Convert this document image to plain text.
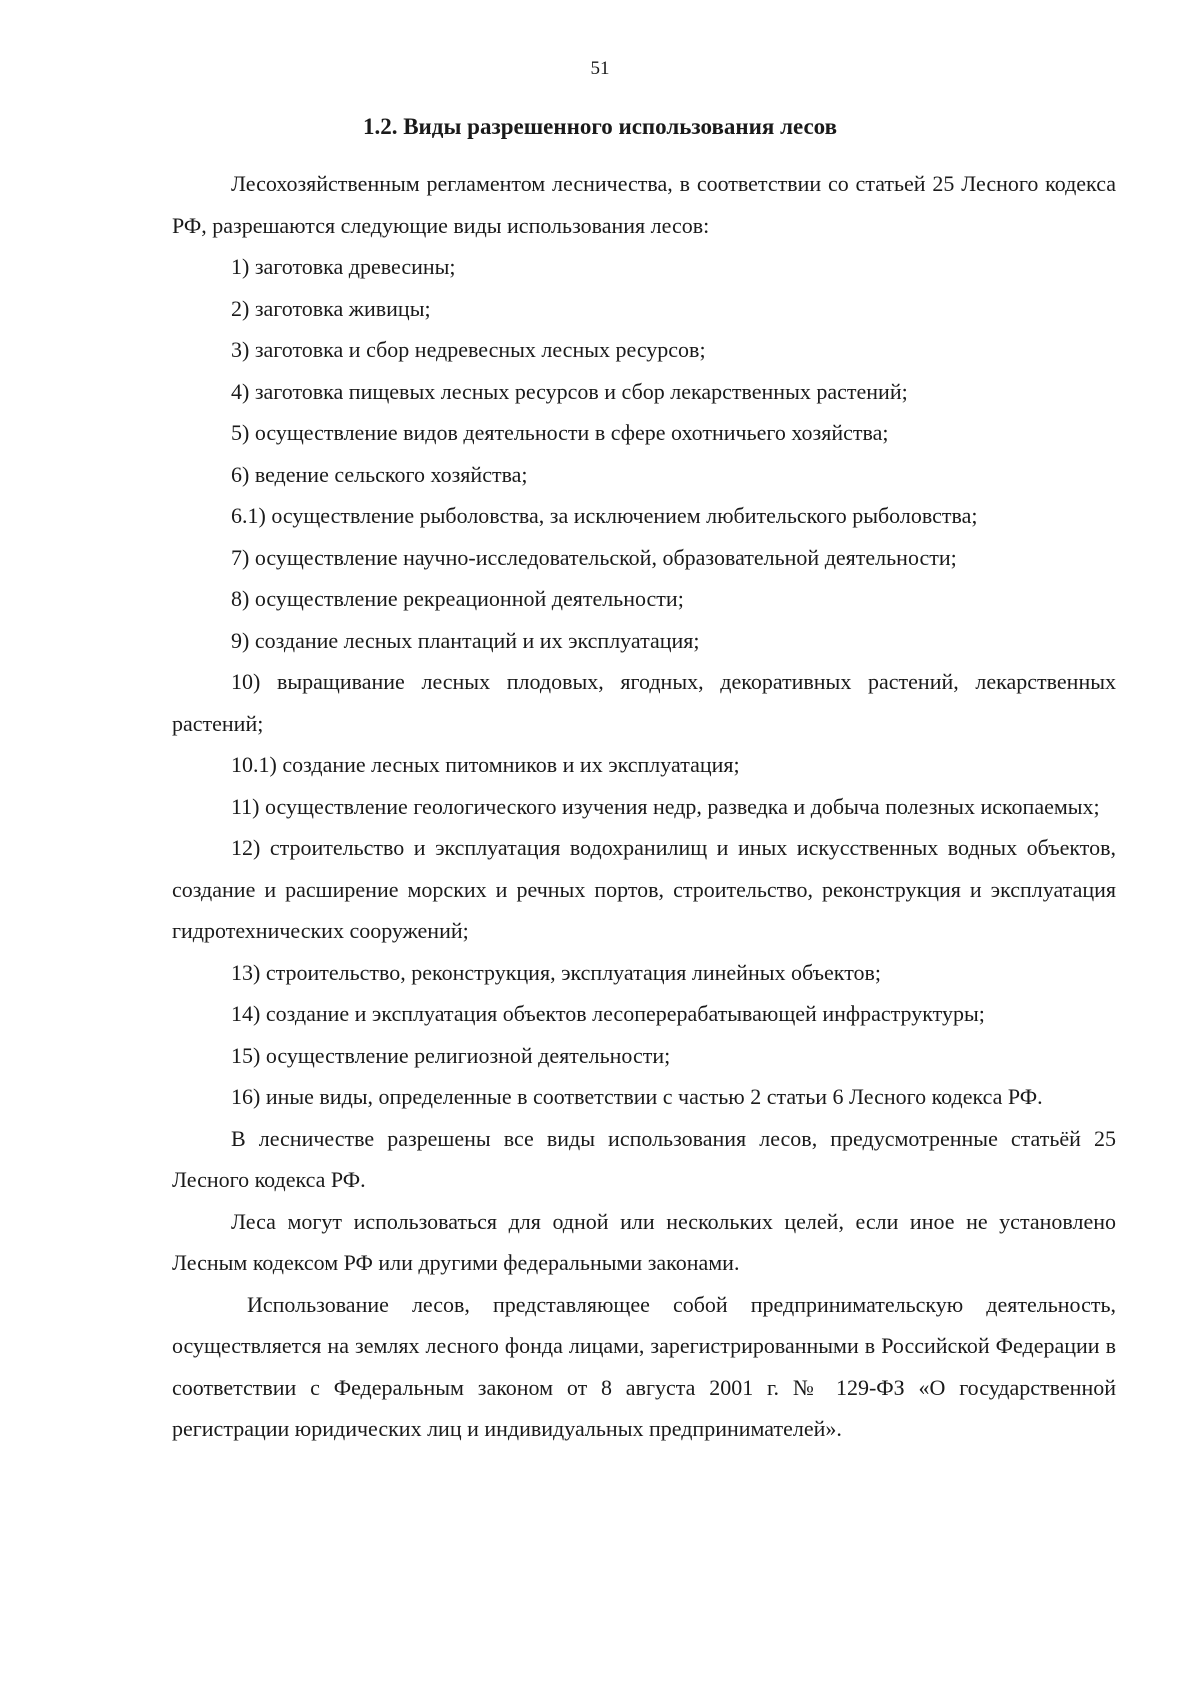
51
1.2. Виды разрешенного использования лесов

Лесохозяйственным регламентом лесничества, в соответствии со статьей 25 Лесного кодекса РФ, разрешаются следующие виды использования лесов:

1) заготовка древесины;

2) заготовка живицы;

3) заготовка и сбор недревесных лесных ресурсов;

4) заготовка пищевых лесных ресурсов и сбор лекарственных растений;

5) осуществление видов деятельности в сфере охотничьего хозяйства;

6) ведение сельского хозяйства;

6.1) осуществление рыболовства, за исключением любительского рыболовства;

7) осуществление научно-исследовательской, образовательной деятельности;

8) осуществление рекреационной деятельности;

9) создание лесных плантаций и их эксплуатация;

10) выращивание лесных плодовых, ягодных, декоративных растений, лекарственных растений;

10.1) создание лесных питомников и их эксплуатация;

11) осуществление геологического изучения недр, разведка и добыча полезных ископаемых;

12) строительство и эксплуатация водохранилищ и иных искусственных водных объектов, создание и расширение морских и речных портов, строительство, реконструкция и эксплуатация гидротехнических сооружений;

13) строительство, реконструкция, эксплуатация линейных объектов;

14) создание и эксплуатация объектов лесоперерабатывающей инфраструктуры;

15) осуществление религиозной деятельности;

16) иные виды, определенные в соответствии с частью 2 статьи 6 Лесного кодекса РФ.

В лесничестве разрешены все виды использования лесов, предусмотренные статьёй 25 Лесного кодекса РФ.

Леса могут использоваться для одной или нескольких целей, если иное не установлено Лесным кодексом РФ или другими федеральными законами.

Использование лесов, представляющее собой предпринимательскую деятельность, осуществляется на землях лесного фонда лицами, зарегистрированными в Российской Федерации в соответствии с Федеральным законом от 8 августа 2001 г. № 129-ФЗ «О государственной регистрации юридических лиц и индивидуальных предпринимателей».
